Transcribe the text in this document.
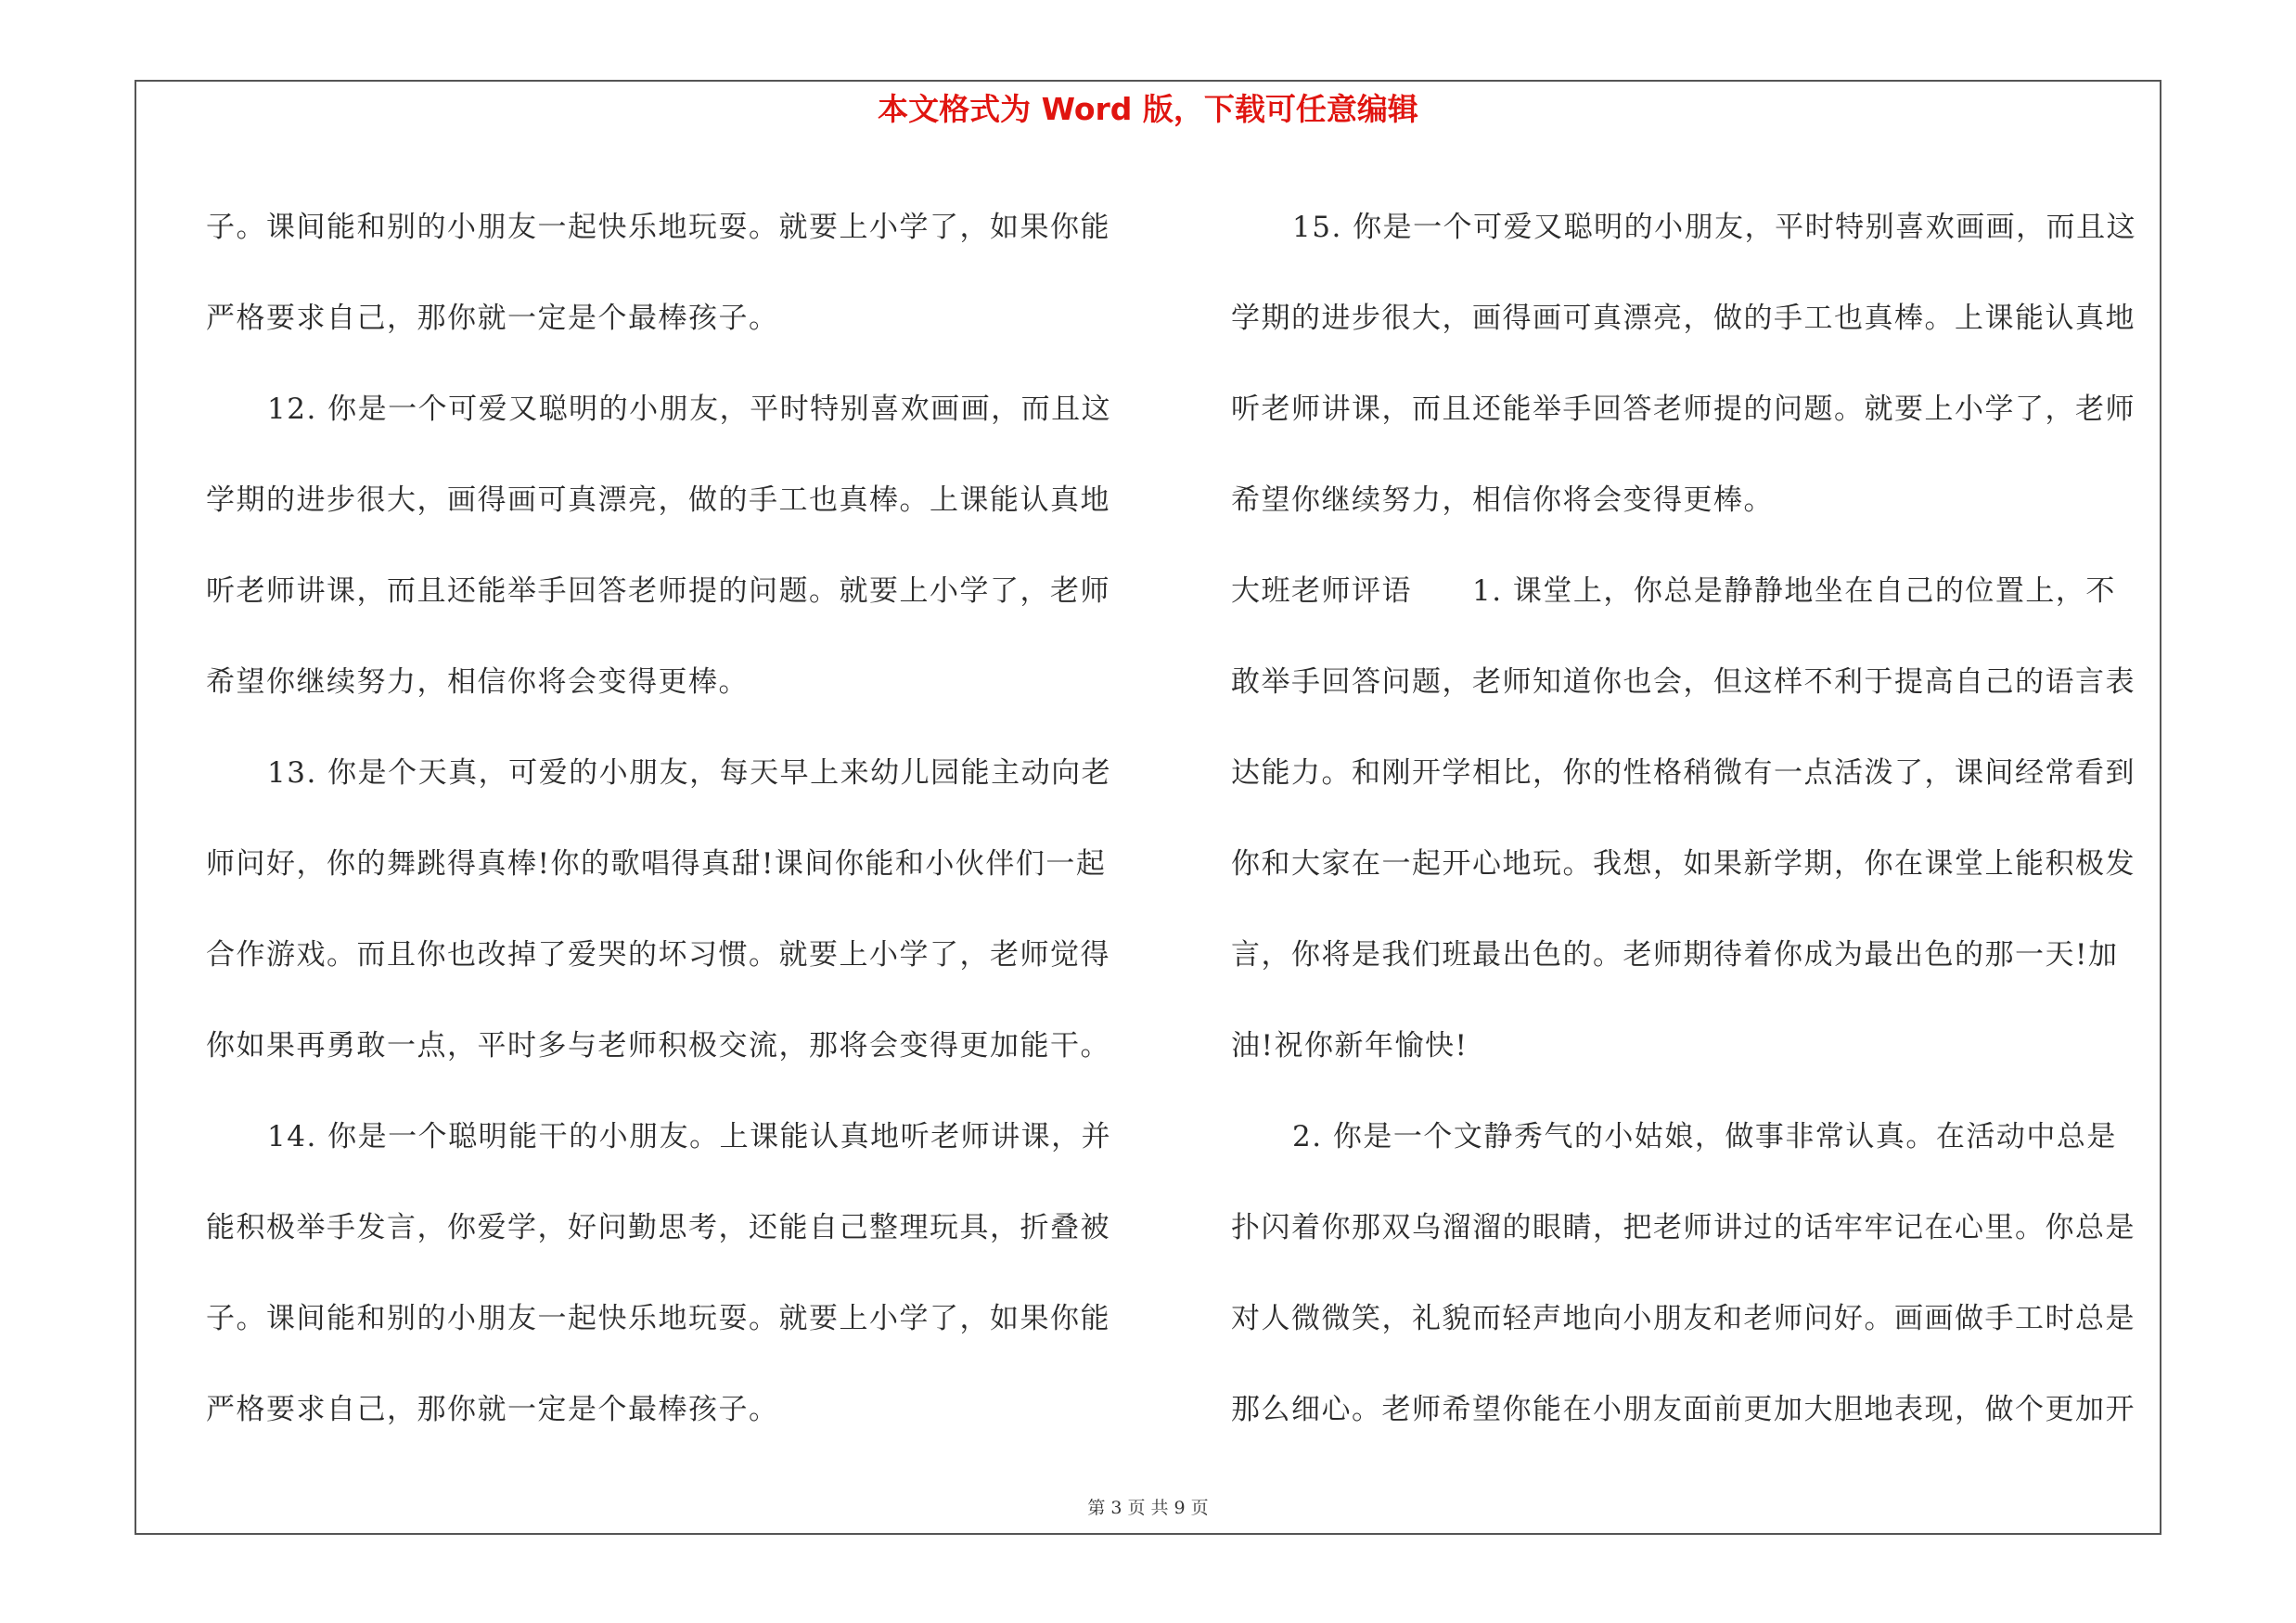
本文格式为 Word 版，下载可任意编辑
子。课间能和别的小朋友一起快乐地玩耍。就要上小学了，如果你能
严格要求自己，那你就一定是个最棒孩子。
12. 你是一个可爱又聪明的小朋友，平时特别喜欢画画，而且这
学期的进步很大，画得画可真漂亮，做的手工也真棒。上课能认真地
听老师讲课，而且还能举手回答老师提的问题。就要上小学了，老师
希望你继续努力，相信你将会变得更棒。
13. 你是个天真，可爱的小朋友，每天早上来幼儿园能主动向老
师问好，你的舞跳得真棒!你的歌唱得真甜!课间你能和小伙伴们一起
合作游戏。而且你也改掉了爱哭的坏习惯。就要上小学了，老师觉得
你如果再勇敢一点，平时多与老师积极交流，那将会变得更加能干。
14. 你是一个聪明能干的小朋友。上课能认真地听老师讲课，并
能积极举手发言，你爱学，好问勤思考，还能自己整理玩具，折叠被
子。课间能和别的小朋友一起快乐地玩耍。就要上小学了，如果你能
严格要求自己，那你就一定是个最棒孩子。
15. 你是一个可爱又聪明的小朋友，平时特别喜欢画画，而且这
学期的进步很大，画得画可真漂亮，做的手工也真棒。上课能认真地
听老师讲课，而且还能举手回答老师提的问题。就要上小学了，老师
希望你继续努力，相信你将会变得更棒。
大班老师评语　　1. 课堂上，你总是静静地坐在自己的位置上，不
敢举手回答问题，老师知道你也会，但这样不利于提高自己的语言表
达能力。和刚开学相比，你的性格稍微有一点活泼了，课间经常看到
你和大家在一起开心地玩。我想，如果新学期，你在课堂上能积极发
言，你将是我们班最出色的。老师期待着你成为最出色的那一天!加
油!祝你新年愉快!
2. 你是一个文静秀气的小姑娘，做事非常认真。在活动中总是
扑闪着你那双乌溜溜的眼睛，把老师讲过的话牢牢记在心里。你总是
对人微微笑，礼貌而轻声地向小朋友和老师问好。画画做手工时总是
那么细心。老师希望你能在小朋友面前更加大胆地表现，做个更加开
第 3 页 共 9 页
